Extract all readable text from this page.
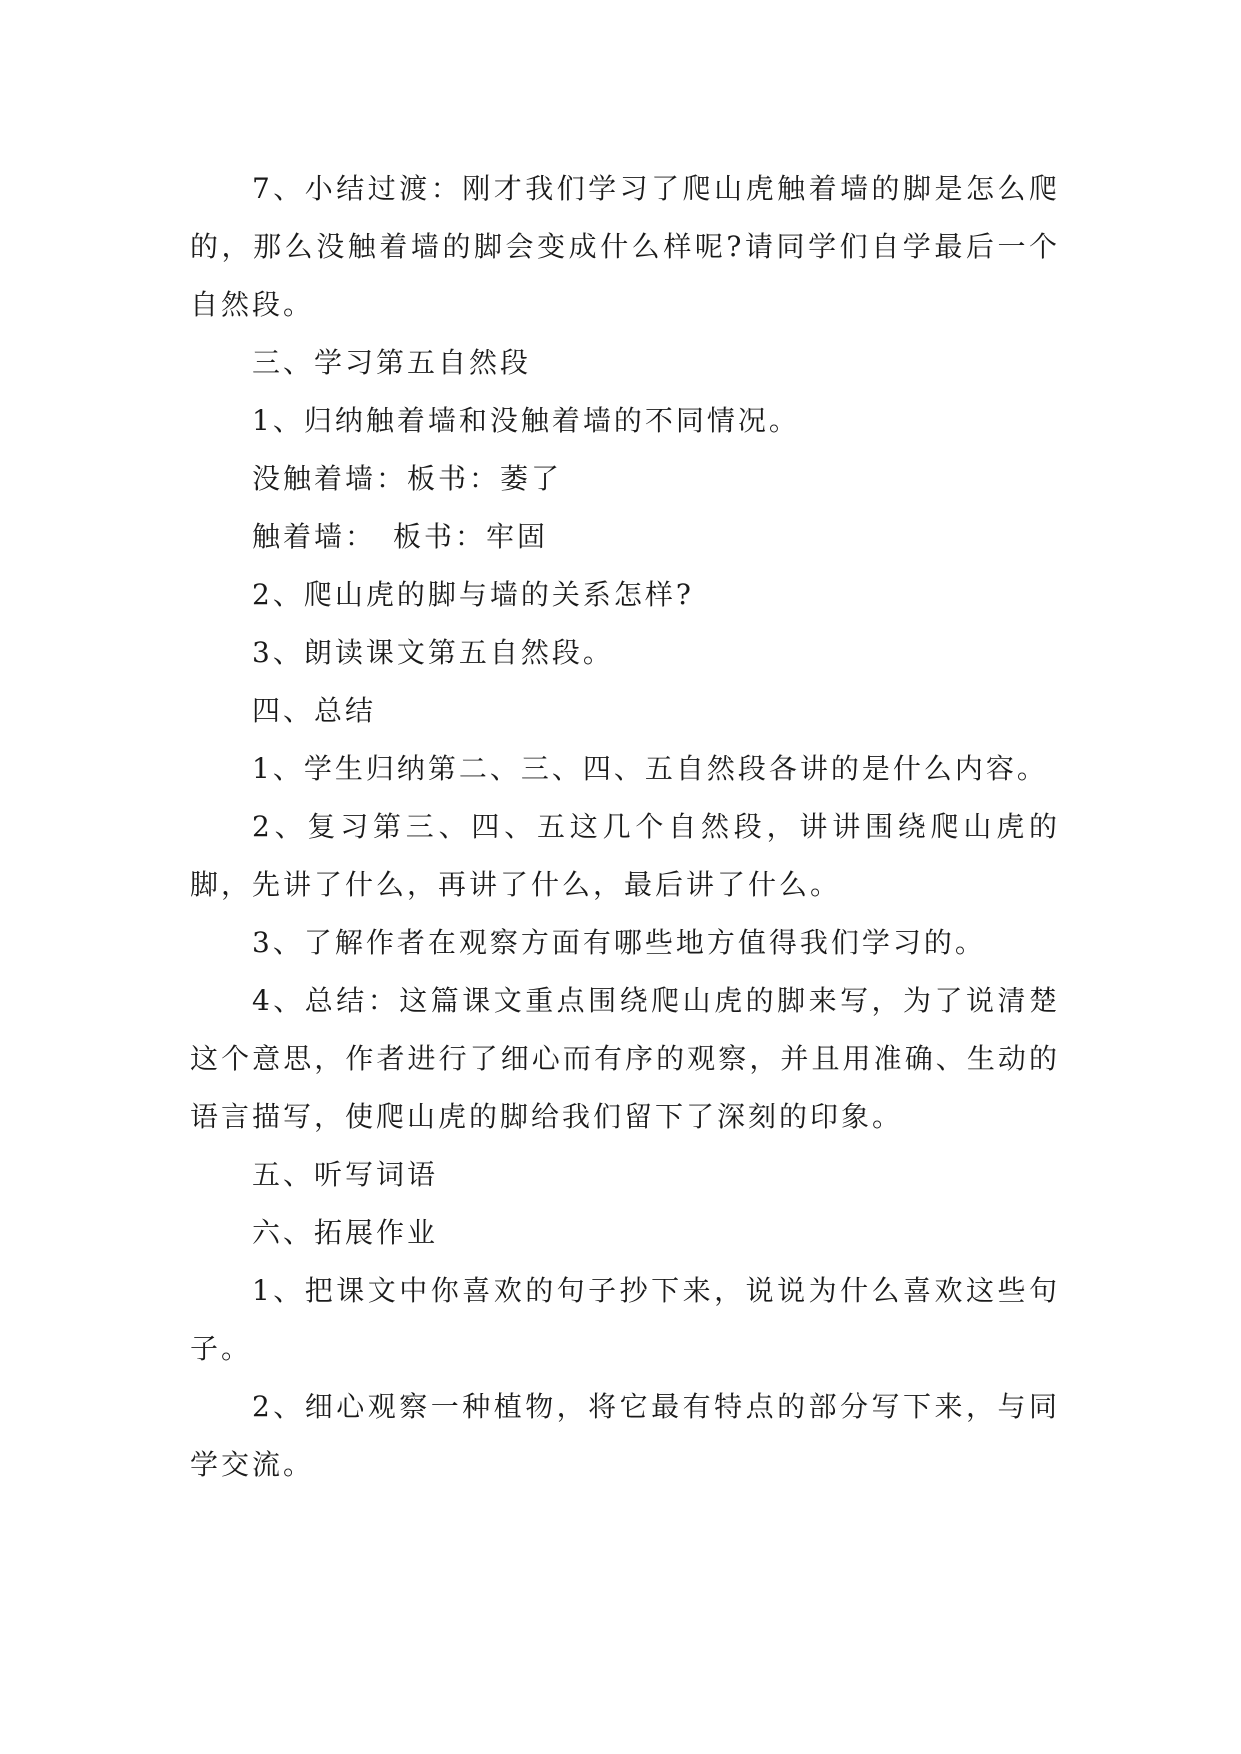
7、小结过渡：刚才我们学习了爬山虎触着墙的脚是怎么爬的，那么没触着墙的脚会变成什么样呢?请同学们自学最后一个自然段。

三、学习第五自然段

1、归纳触着墙和没触着墙的不同情况。

没触着墙：板书：萎了

触着墙：　板书：牢固

2、爬山虎的脚与墙的关系怎样?

3、朗读课文第五自然段。

四、总结

1、学生归纳第二、三、四、五自然段各讲的是什么内容。

2、复习第三、四、五这几个自然段，讲讲围绕爬山虎的脚，先讲了什么，再讲了什么，最后讲了什么。

3、了解作者在观察方面有哪些地方值得我们学习的。

4、总结：这篇课文重点围绕爬山虎的脚来写，为了说清楚这个意思，作者进行了细心而有序的观察，并且用准确、生动的语言描写，使爬山虎的脚给我们留下了深刻的印象。

五、听写词语

六、拓展作业

1、把课文中你喜欢的句子抄下来，说说为什么喜欢这些句子。

2、细心观察一种植物，将它最有特点的部分写下来，与同学交流。
